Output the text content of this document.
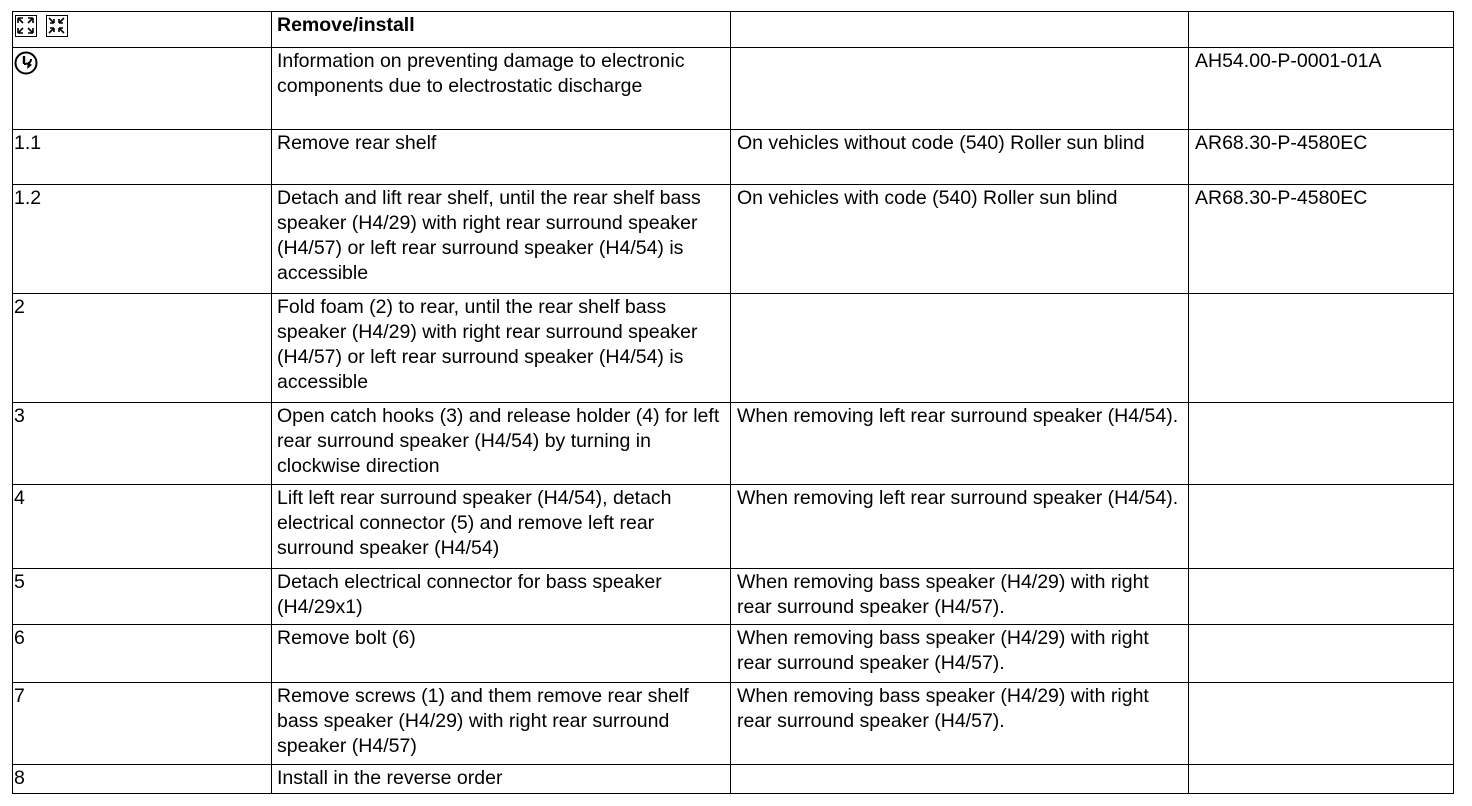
	Remove/install		
	Information on preventing damage to electronic components due to electrostatic discharge		AH54.00-P-0001-01A
1.1	Remove rear shelf	On vehicles without code (540) Roller sun blind	AR68.30-P-4580EC
1.2	Detach and lift rear shelf, until the rear shelf bass speaker (H4/29) with right rear surround speaker (H4/57) or left rear surround speaker (H4/54) is accessible	On vehicles with code (540) Roller sun blind	AR68.30-P-4580EC
2	Fold foam (2) to rear, until the rear shelf bass speaker (H4/29) with right rear surround speaker (H4/57) or left rear surround speaker (H4/54) is accessible		
3	Open catch hooks (3) and release holder (4) for left rear surround speaker (H4/54) by turning in clockwise direction	When removing left rear surround speaker (H4/54).	
4	Lift left rear surround speaker (H4/54), detach electrical connector (5) and remove left rear surround speaker (H4/54)	When removing left rear surround speaker (H4/54).	
5	Detach electrical connector for bass speaker (H4/29x1)	When removing bass speaker (H4/29) with right rear surround speaker (H4/57).	
6	Remove bolt (6)	When removing bass speaker (H4/29) with right rear surround speaker (H4/57).	
7	Remove screws (1) and them remove rear shelf bass speaker (H4/29) with right rear surround speaker (H4/57)	When removing bass speaker (H4/29) with right rear surround speaker (H4/57).	
8	Install in the reverse order		
